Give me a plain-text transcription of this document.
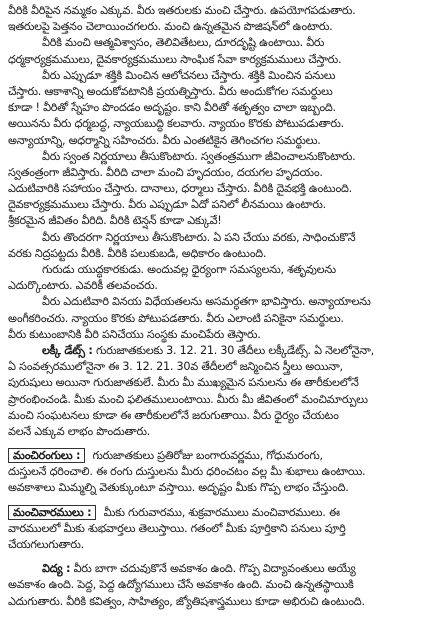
వీరికి వీరిపైన నమ్మకం ఎక్కువ. వీరు ఇతరులకు మంచి చేస్తారు. ఉపయోగపడుతారు.
ఇతరులపై పెత్తనం చెలాయించగలరు. మంచి ఉన్నతమైన పొజిషన్‌లో ఉంటారు.
వీరికి మంచి ఆత్మవిశ్వాసం, తెలివితేటలు, దూరదృష్టి ఉంటాయి. వీరు
ధర్మకార్యక్రమములు, దైవకార్యక్రమములు సాంఘిక సేవా కార్యక్రమములు చేస్తారు.
వీరు ఎప్పుడూ శక్తికి మించిన ఆలోచనలు చేస్తారు. శక్తికి మించిన పనులు
చేస్తారు. ఆకాశాన్ని అందుకోవటానికి ప్రయత్నిస్తారు. వీరు అందుకోగల సమర్థులు
కూడా ! వీరితో స్నేహం పొందడం అదృష్టం. కాని వీరితో శతృత్వం చాలా ఇబ్బంది.
అయినను వీరు ధర్మబద్ధ, న్యాయబుద్ధి కలవారు. న్యాయం కొరకు పోటుపడుతారు.
అన్యాయాన్ని, అధర్మాన్ని సహించరు. వీరు ఎంతటికైన తెగించగల సమర్థులు.
వీరు స్వంత నిర్ణయాలు తీసుకొంటారు. స్వతంత్రముగా జీవించాలనుకొంటారు.
స్వతంత్రంగా జీవిస్తారు. వీరిది చాలా మంచి హృదయం, దయగల హృదయం.
ఎదుటివారికి సహాయం చేస్తారు. దానాలు, ధర్మాలు చేస్తారు. వీరికి దైవభక్తి ఉంటుంది.
దైవకార్యక్రమములు చేస్తారు. వీరు ఎప్పుడూ ఏదో పనిలో లీనమయి ఉంటారు.
శ్రీకరమైన జీవితం వీరిది. వీరికి టెన్షన్ కూడా ఎక్కువే!
వీరు తొందరగా నిర్ణయాలు తీసుకొంటారు. ఏ పని చేయు వరకు, సాధించుకొనే
వరకు నిద్రపట్టదు వీరికి. వీరికి పలుకుబడి, అధికారం ఉంటుంది.
గురుడు యుద్ధకారకుడు. అందువల్ల ధైర్యంగా సమస్యలను, శతృవులను
ఎదుర్కొంటారు. ఎవరికీ తలవంచరు.
వీరు ఎదుటివారి వినయ విధేయతలను అసమర్ధతగా భావిస్తారు. అన్యాయాలను
అంగీకరించరు. న్యాయం కొరకు పోటుపడతారు. వీరు ఎలాంటి పనికైనా సమర్థులు.
వీరు కుటుంబానికి వీరి పనిచేయు సంస్థకు మంచిపేరు తెస్తారు.
లక్కీ డేట్స్ : గురుజాతకులకు 3. 12. 21. 30 తేదీలు లక్కీడేట్స్. ఏ నెలలోనైనా,
ఏ సంవత్సరములోనైనా ఈ 3. 12. 21. 30వ తేదీలలో జన్మించిన స్త్రీలు అయినా,
పురుషులు అయినా గురుజాతకులే. మీరు మీ ముఖ్యమైన పనులను ఈ తారీకులలోనే
ప్రారంభించండి. మీకు మంచి ఫలితములుంటాయి. మీరు మీ జీవితంలో మంచిమార్పులు
మంచి సంఘటనలు కూడా ఈ తారీకులలోనే జరుగుతాయి. వీరు ధైర్యం చేయటం
వలనే ఎక్కువ లాభం పొందుతారు.
మంచిరంగులు : గురుజాతకులు ప్రతిరోజు బంగారువర్ణము, గోధుమరంగు,
దుస్తులనే ధరించాలి. ఈ రంగు దుస్తులను మీరు ధరించటం వల్ల మీ శుభాలు ఉంటాయి.
అవకాశాలు మిమ్మల్ని వెతుక్కుంటూ వస్తాయి. అదృష్టం మీకు గొప్ప లాభం చేస్తుంది.
మంచివారములు : మీకు గురువారము, శుక్రవారములు మంచివారములు. ఈ
వారములలో మీకు శుభవార్తలు తెలుస్తాయి. గతంలో మీకు పూర్తికాని పనులు పూర్తి
చేయగలుగుతారు.
విద్య : వీరు బాగా చదువుకొనే అవకాశం ఉంది. గొప్ప విద్యావంతులు అయ్యే
అవకాశం ఉంది. పెద్ద, పెద్ద ఉద్యోగములు చేసే అవకాశం ఉంది. మంచి ఉన్నతస్థాయికి
ఎదుగుతారు. వీరికి కవిత్వం, సాహిత్యం, జ్యోతిషశాస్త్రములు కూడా అభిరుచి ఉంటుంది.
